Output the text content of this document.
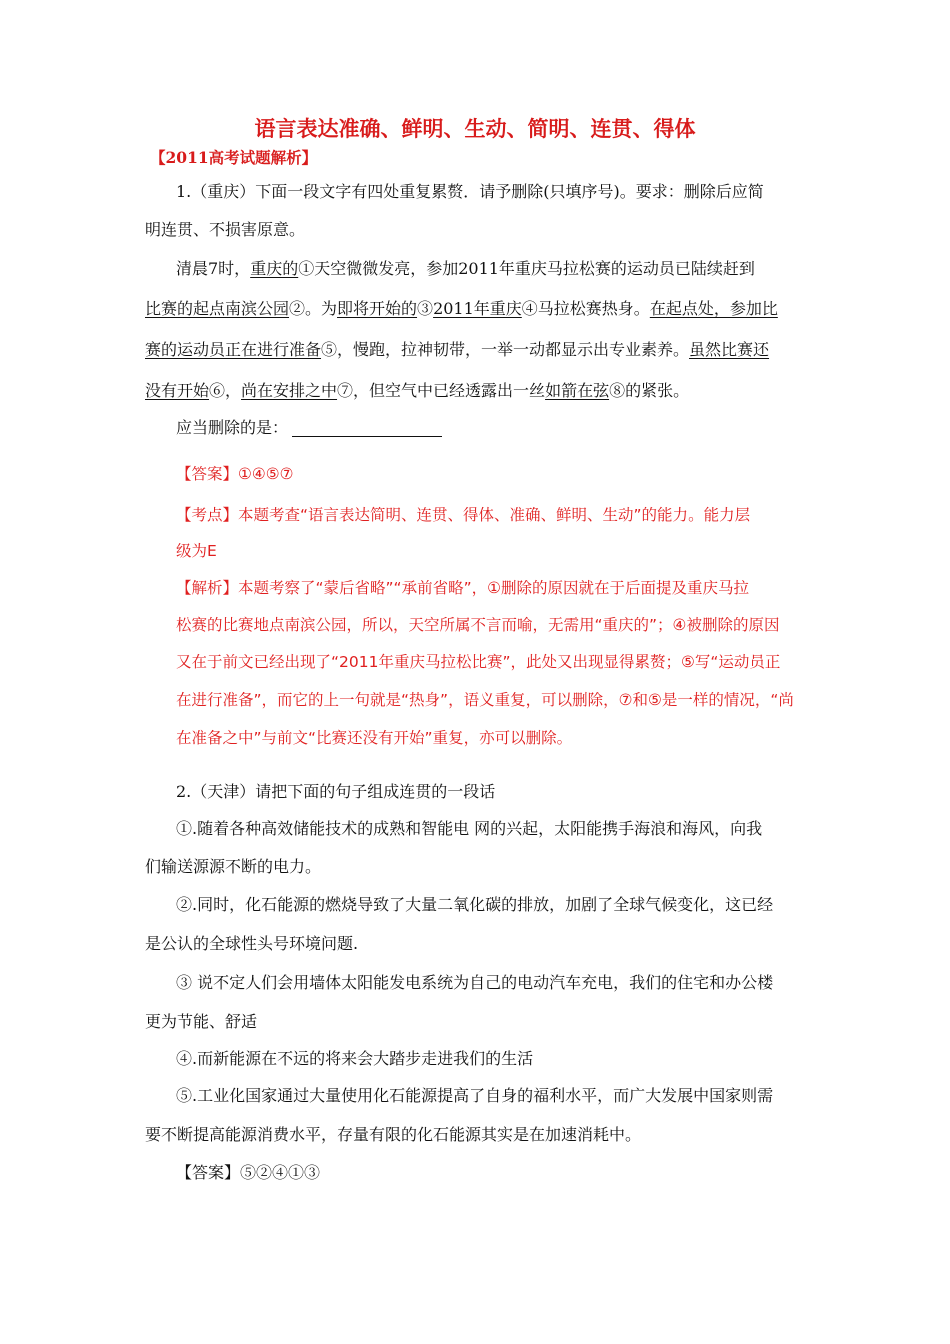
语言表达准确、鲜明、生动、简明、连贯、得体
【2011高考试题解析】
1.（重庆）下面一段文字有四处重复累赘．请予删除(只填序号)。要求：删除后应简
明连贯、不损害原意。
清晨7时，重庆的①天空微微发亮，参加2011年重庆马拉松赛的运动员已陆续赶到
比赛的起点南滨公园②。为即将开始的③2011年重庆④马拉松赛热身。在起点处，参加比
赛的运动员正在进行准备⑤，慢跑，拉神韧带，一举一动都显示出专业素养。虽然比赛还
没有开始⑥，尚在安排之中⑦，但空气中已经透露出一丝如箭在弦⑧的紧张。
应当删除的是：
【答案】①④⑤⑦
【考点】本题考查“语言表达简明、连贯、得体、准确、鲜明、生动”的能力。能力层
级为E
【解析】本题考察了“蒙后省略”“承前省略”，①删除的原因就在于后面提及重庆马拉
松赛的比赛地点南滨公园，所以，天空所属不言而喻，无需用“重庆的”；④被删除的原因
又在于前文已经出现了“2011年重庆马拉松比赛”，此处又出现显得累赘；⑤写“运动员正
在进行准备”，而它的上一句就是“热身”，语义重复，可以删除，⑦和⑤是一样的情况，“尚
在准备之中”与前文“比赛还没有开始”重复，亦可以删除。
2.（天津）请把下面的句子组成连贯的一段话
①.随着各种高效储能技术的成熟和智能电 网的兴起，太阳能携手海浪和海风，向我
们输送源源不断的电力。
②.同时，化石能源的燃烧导致了大量二氧化碳的排放，加剧了全球气候变化，这已经
是公认的全球性头号环境问题.
③ 说不定人们会用墙体太阳能发电系统为自己的电动汽车充电，我们的住宅和办公楼
更为节能、舒适
④.而新能源在不远的将来会大踏步走进我们的生活
⑤.工业化国家通过大量使用化石能源提高了自身的福利水平，而广大发展中国家则需
要不断提高能源消费水平，存量有限的化石能源其实是在加速消耗中。
【答案】⑤②④①③
